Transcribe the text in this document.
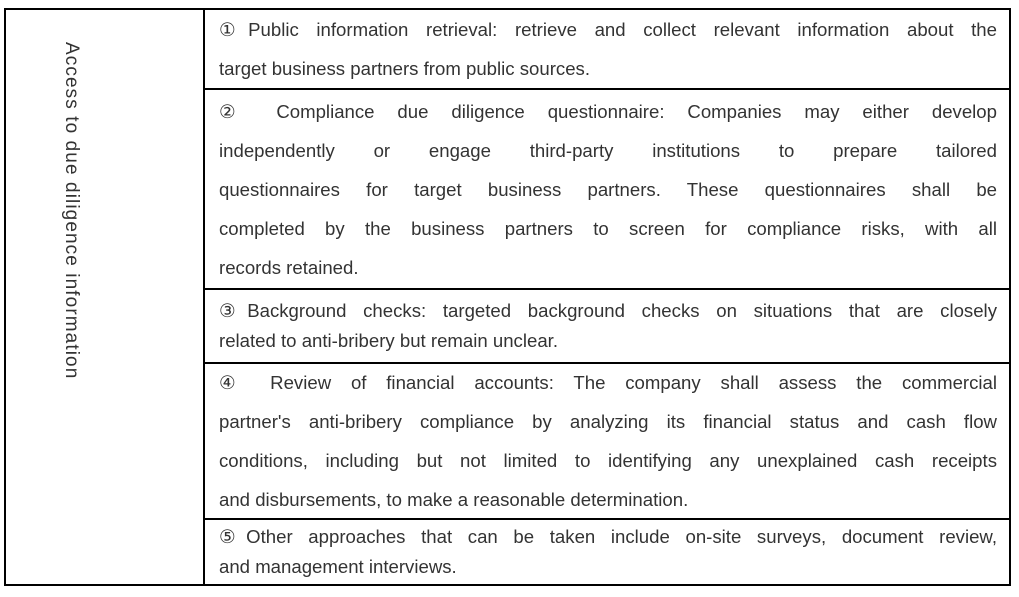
Access to due diligence information
①Public information retrieval: retrieve and collect relevant information about the
target business partners from public sources.
② Compliance due diligence questionnaire: Companies may either develop
independently or engage third-party institutions to prepare tailored
questionnaires for target business partners. These questionnaires shall be
completed by the business partners to screen for compliance risks, with all
records retained.
③Background checks: targeted background checks on situations that are closely
related to anti-bribery but remain unclear.
④ Review of financial accounts: The company shall assess the commercial
partner's anti-bribery compliance by analyzing its financial status and cash flow
conditions, including but not limited to identifying any unexplained cash receipts
and disbursements, to make a reasonable determination.
⑤Other approaches that can be taken include on-site surveys, document review,
and management interviews.
